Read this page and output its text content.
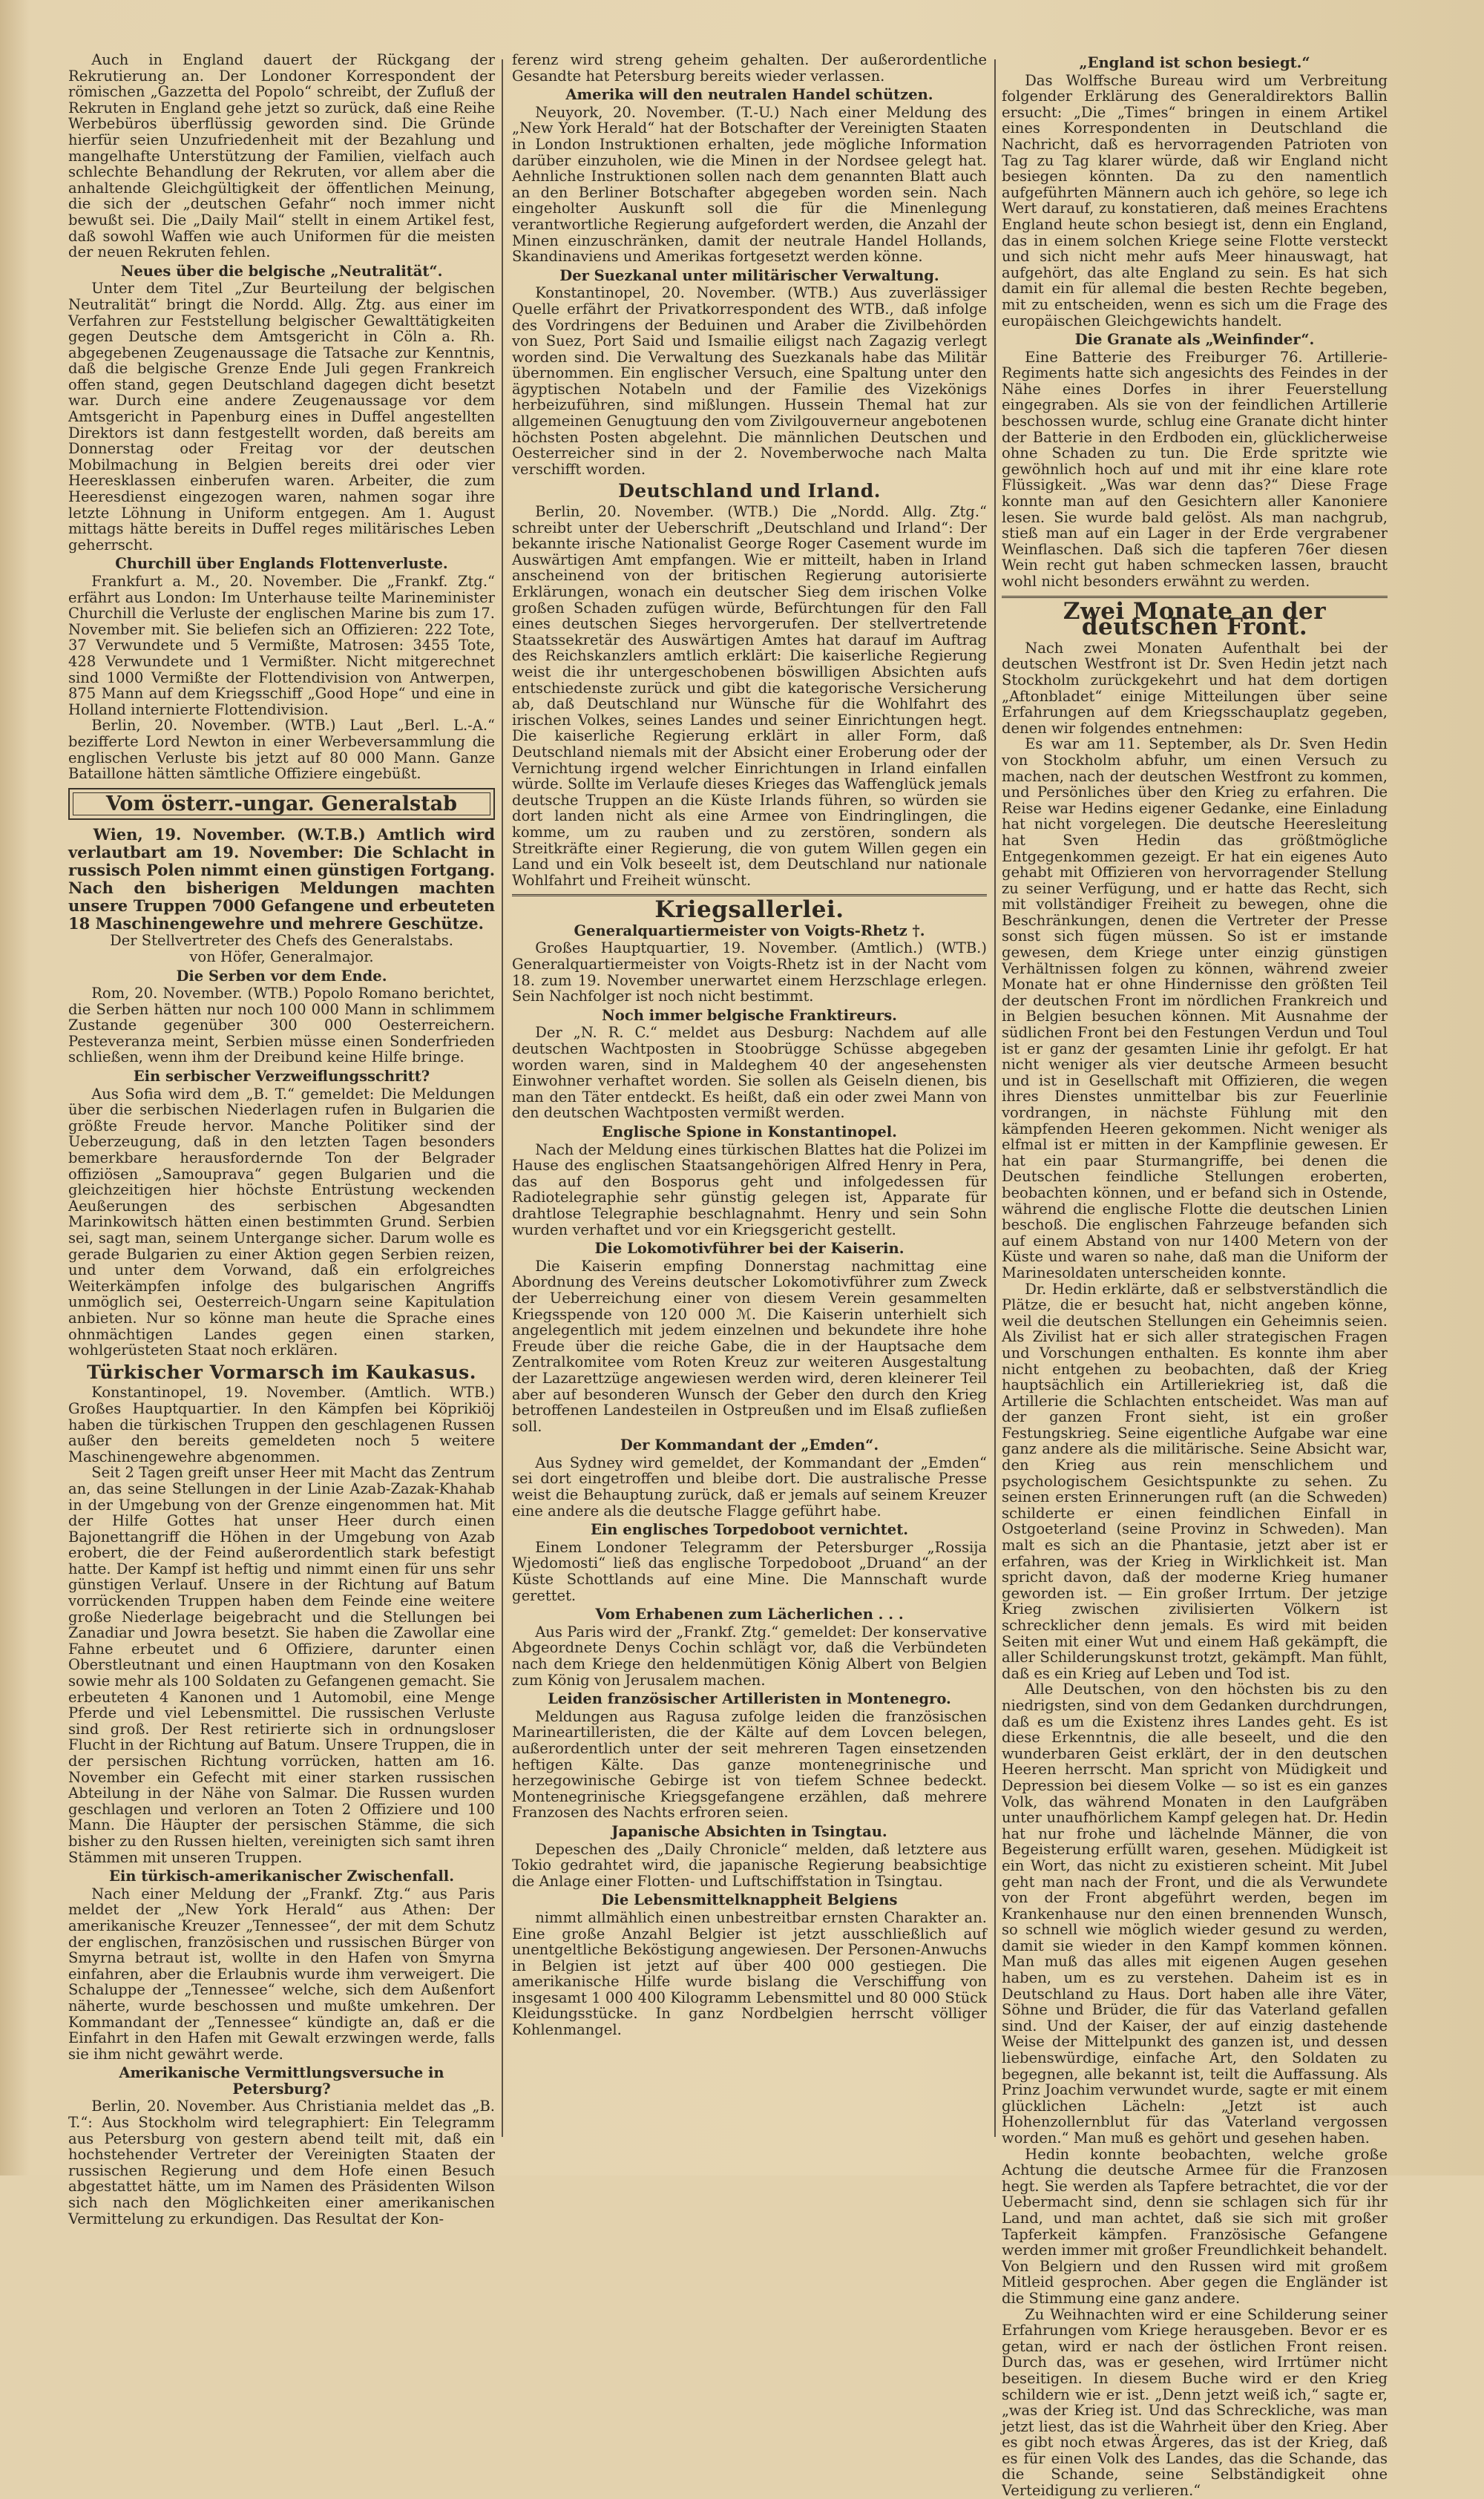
Auch in England dauert der Rückgang der Rekrutierung an. Der Londoner Korrespondent der römischen „Gazzetta del Popolo“ schreibt, der Zufluß der Rekruten in England gehe jetzt so zurück, daß eine Reihe Werbebüros überflüssig geworden sind. Die Gründe hierfür seien Unzufriedenheit mit der Bezahlung und mangelhafte Unterstützung der Familien, vielfach auch schlechte Behandlung der Rekruten, vor allem aber die anhaltende Gleichgültigkeit der öffentlichen Meinung, die sich der „deutschen Gefahr“ noch immer nicht bewußt sei. Die „Daily Mail“ stellt in einem Artikel fest, daß sowohl Waffen wie auch Uniformen für die meisten der neuen Rekruten fehlen.

Neues über die belgische „Neutralität“.

Unter dem Titel „Zur Beurteilung der belgischen Neutralität“ bringt die Nordd. Allg. Ztg. aus einer im Verfahren zur Feststellung belgischer Gewalttätigkeiten gegen Deutsche dem Amtsgericht in Cöln a. Rh. abgegebenen Zeugenaussage die Tatsache zur Kenntnis, daß die belgische Grenze Ende Juli gegen Frankreich offen stand, gegen Deutschland dagegen dicht besetzt war. Durch eine andere Zeugenaussage vor dem Amtsgericht in Papenburg eines in Duffel angestellten Direktors ist dann festgestellt worden, daß bereits am Donnerstag oder Freitag vor der deutschen Mobilmachung in Belgien bereits drei oder vier Heeresklassen einberufen waren. Arbeiter, die zum Heeresdienst eingezogen waren, nahmen sogar ihre letzte Löhnung in Uniform entgegen. Am 1. August mittags hätte bereits in Duffel reges militärisches Leben geherrscht.

Churchill über Englands Flottenverluste.

Frankfurt a. M., 20. November. Die „Frankf. Ztg.“ erfährt aus London: Im Unterhause teilte Marineminister Churchill die Verluste der englischen Marine bis zum 17. November mit. Sie beliefen sich an Offizieren: 222 Tote, 37 Verwundete und 5 Vermißte, Matrosen: 3455 Tote, 428 Verwundete und 1 Vermißter. Nicht mitgerechnet sind 1000 Vermißte der Flottendivision von Antwerpen, 875 Mann auf dem Kriegsschiff „Good Hope“ und eine in Holland internierte Flottendivision.

Berlin, 20. November. (WTB.) Laut „Berl. L.-A.“ bezifferte Lord Newton in einer Werbeversammlung die englischen Verluste bis jetzt auf 80 000 Mann. Ganze Bataillone hätten sämtliche Offiziere eingebüßt.

Vom österr.-ungar. Generalstab

Wien, 19. November. (W.T.B.) Amtlich wird verlautbart am 19. November: Die Schlacht in russisch Polen nimmt einen günstigen Fortgang. Nach den bisherigen Meldungen machten unsere Truppen 7000 Gefangene und erbeuteten 18 Maschinengewehre und mehrere Geschütze.

Der Stellvertreter des Chefs des Generalstabs.

von Höfer, Generalmajor.

Die Serben vor dem Ende.

Rom, 20. November. (WTB.) Popolo Romano berichtet, die Serben hätten nur noch 100 000 Mann in schlimmem Zustande gegenüber 300 000 Oesterreichern. Pesteveranza meint, Serbien müsse einen Sonderfrieden schließen, wenn ihm der Dreibund keine Hilfe bringe.

Ein serbischer Verzweiflungsschritt?

Aus Sofia wird dem „B. T.“ gemeldet: Die Meldungen über die serbischen Niederlagen rufen in Bulgarien die größte Freude hervor. Manche Politiker sind der Ueberzeugung, daß in den letzten Tagen besonders bemerkbare herausfordernde Ton der Belgrader offiziösen „Samouprava“ gegen Bulgarien und die gleichzeitigen hier höchste Entrüstung weckenden Aeußerungen des serbischen Abgesandten Marinkowitsch hätten einen bestimmten Grund. Serbien sei, sagt man, seinem Untergange sicher. Darum wolle es gerade Bulgarien zu einer Aktion gegen Serbien reizen, und unter dem Vorwand, daß ein erfolgreiches Weiterkämpfen infolge des bulgarischen Angriffs unmöglich sei, Oesterreich-Ungarn seine Kapitulation anbieten. Nur so könne man heute die Sprache eines ohnmächtigen Landes gegen einen starken, wohlgerüsteten Staat noch erklären.

Türkischer Vormarsch im Kaukasus.

Konstantinopel, 19. November. (Amtlich. WTB.) Großes Hauptquartier. In den Kämpfen bei Köprikiöj haben die türkischen Truppen den geschlagenen Russen außer den bereits gemeldeten noch 5 weitere Maschinengewehre abgenommen.

Seit 2 Tagen greift unser Heer mit Macht das Zentrum an, das seine Stellungen in der Linie Azab-Zazak-Khahab in der Umgebung von der Grenze eingenommen hat. Mit der Hilfe Gottes hat unser Heer durch einen Bajonettangriff die Höhen in der Umgebung von Azab erobert, die der Feind außerordentlich stark befestigt hatte. Der Kampf ist heftig und nimmt einen für uns sehr günstigen Verlauf. Unsere in der Richtung auf Batum vorrückenden Truppen haben dem Feinde eine weitere große Niederlage beigebracht und die Stellungen bei Zanadiar und Jowra besetzt. Sie haben die Zawollar eine Fahne erbeutet und 6 Offiziere, darunter einen Oberstleutnant und einen Hauptmann von den Kosaken sowie mehr als 100 Soldaten zu Gefangenen gemacht. Sie erbeuteten 4 Kanonen und 1 Automobil, eine Menge Pferde und viel Lebensmittel. Die russischen Verluste sind groß. Der Rest retirierte sich in ordnungsloser Flucht in der Richtung auf Batum. Unsere Truppen, die in der persischen Richtung vorrücken, hatten am 16. November ein Gefecht mit einer starken russischen Abteilung in der Nähe von Salmar. Die Russen wurden geschlagen und verloren an Toten 2 Offiziere und 100 Mann. Die Häupter der persischen Stämme, die sich bisher zu den Russen hielten, vereinigten sich samt ihren Stämmen mit unseren Truppen.

Ein türkisch-amerikanischer Zwischenfall.

Nach einer Meldung der „Frankf. Ztg.“ aus Paris meldet der „New York Herald“ aus Athen: Der amerikanische Kreuzer „Tennessee“, der mit dem Schutz der englischen, französischen und russischen Bürger von Smyrna betraut ist, wollte in den Hafen von Smyrna einfahren, aber die Erlaubnis wurde ihm verweigert. Die Schaluppe der „Tennessee“ welche, sich dem Außenfort näherte, wurde beschossen und mußte umkehren. Der Kommandant der „Tennessee“ kündigte an, daß er die Einfahrt in den Hafen mit Gewalt erzwingen werde, falls sie ihm nicht gewährt werde.

Amerikanische Vermittlungsversuche in Petersburg?

Berlin, 20. November. Aus Christiania meldet das „B. T.“: Aus Stockholm wird telegraphiert: Ein Telegramm aus Petersburg von gestern abend teilt mit, daß ein hochstehender Vertreter der Vereinigten Staaten der russischen Regierung und dem Hofe einen Besuch abgestattet hätte, um im Namen des Präsidenten Wilson sich nach den Möglichkeiten einer amerikanischen Vermittelung zu erkundigen. Das Resultat der Kon-

ferenz wird streng geheim gehalten. Der außerordentliche Gesandte hat Petersburg bereits wieder verlassen.

Amerika will den neutralen Handel schützen.

Neuyork, 20. November. (T.-U.) Nach einer Meldung des „New York Herald“ hat der Botschafter der Vereinigten Staaten in London Instruktionen erhalten, jede mögliche Information darüber einzuholen, wie die Minen in der Nordsee gelegt hat. Aehnliche Instruktionen sollen nach dem genannten Blatt auch an den Berliner Botschafter abgegeben worden sein. Nach eingeholter Auskunft soll die für die Minenlegung verantwortliche Regierung aufgefordert werden, die Anzahl der Minen einzuschränken, damit der neutrale Handel Hollands, Skandinaviens und Amerikas fortgesetzt werden könne.

Der Suezkanal unter militärischer Verwaltung.

Konstantinopel, 20. November. (WTB.) Aus zuverlässiger Quelle erfährt der Privatkorrespondent des WTB., daß infolge des Vordringens der Beduinen und Araber die Zivilbehörden von Suez, Port Said und Ismailie eiligst nach Zagazig verlegt worden sind. Die Verwaltung des Suezkanals habe das Militär übernommen. Ein englischer Versuch, eine Spaltung unter den ägyptischen Notabeln und der Familie des Vizekönigs herbeizuführen, sind mißlungen. Hussein Themal hat zur allgemeinen Genugtuung den vom Zivilgouverneur angebotenen höchsten Posten abgelehnt. Die männlichen Deutschen und Oesterreicher sind in der 2. Novemberwoche nach Malta verschifft worden.

Deutschland und Irland.

Berlin, 20. November. (WTB.) Die „Nordd. Allg. Ztg.“ schreibt unter der Ueberschrift „Deutschland und Irland“: Der bekannte irische Nationalist George Roger Casement wurde im Auswärtigen Amt empfangen. Wie er mitteilt, haben in Irland anscheinend von der britischen Regierung autorisierte Erklärungen, wonach ein deutscher Sieg dem irischen Volke großen Schaden zufügen würde, Befürchtungen für den Fall eines deutschen Sieges hervorgerufen. Der stellvertretende Staatssekretär des Auswärtigen Amtes hat darauf im Auftrag des Reichskanzlers amtlich erklärt: Die kaiserliche Regierung weist die ihr untergeschobenen böswilligen Absichten aufs entschiedenste zurück und gibt die kategorische Versicherung ab, daß Deutschland nur Wünsche für die Wohlfahrt des irischen Volkes, seines Landes und seiner Einrichtungen hegt. Die kaiserliche Regierung erklärt in aller Form, daß Deutschland niemals mit der Absicht einer Eroberung oder der Vernichtung irgend welcher Einrichtungen in Irland einfallen würde. Sollte im Verlaufe dieses Krieges das Waffenglück jemals deutsche Truppen an die Küste Irlands führen, so würden sie dort landen nicht als eine Armee von Eindringlingen, die komme, um zu rauben und zu zerstören, sondern als Streitkräfte einer Regierung, die von gutem Willen gegen ein Land und ein Volk beseelt ist, dem Deutschland nur nationale Wohlfahrt und Freiheit wünscht.

Kriegsallerlei.
Generalquartiermeister von Voigts-Rhetz †.

Großes Hauptquartier, 19. November. (Amtlich.) (WTB.) Generalquartiermeister von Voigts-Rhetz ist in der Nacht vom 18. zum 19. November unerwartet einem Herzschlage erlegen. Sein Nachfolger ist noch nicht bestimmt.

Noch immer belgische Franktireurs.

Der „N. R. C.“ meldet aus Desburg: Nachdem auf alle deutschen Wachtposten in Stoobrügge Schüsse abgegeben worden waren, sind in Maldeghem 40 der angesehensten Einwohner verhaftet worden. Sie sollen als Geiseln dienen, bis man den Täter entdeckt. Es heißt, daß ein oder zwei Mann von den deutschen Wachtposten vermißt werden.

Englische Spione in Konstantinopel.

Nach der Meldung eines türkischen Blattes hat die Polizei im Hause des englischen Staatsangehörigen Alfred Henry in Pera, das auf den Bosporus geht und infolgedessen für Radiotelegraphie sehr günstig gelegen ist, Apparate für drahtlose Telegraphie beschlagnahmt. Henry und sein Sohn wurden verhaftet und vor ein Kriegsgericht gestellt.

Die Lokomotivführer bei der Kaiserin.

Die Kaiserin empfing Donnerstag nachmittag eine Abordnung des Vereins deutscher Lokomotivführer zum Zweck der Ueberreichung einer von diesem Verein gesammelten Kriegsspende von 120 000 ℳ. Die Kaiserin unterhielt sich angelegentlich mit jedem einzelnen und bekundete ihre hohe Freude über die reiche Gabe, die in der Hauptsache dem Zentralkomitee vom Roten Kreuz zur weiteren Ausgestaltung der Lazarettzüge angewiesen werden wird, deren kleinerer Teil aber auf besonderen Wunsch der Geber den durch den Krieg betroffenen Landesteilen in Ostpreußen und im Elsaß zufließen soll.

Der Kommandant der „Emden“.

Aus Sydney wird gemeldet, der Kommandant der „Emden“ sei dort eingetroffen und bleibe dort. Die australische Presse weist die Behauptung zurück, daß er jemals auf seinem Kreuzer eine andere als die deutsche Flagge geführt habe.

Ein englisches Torpedoboot vernichtet.

Einem Londoner Telegramm der Petersburger „Rossija Wjedomosti“ ließ das englische Torpedoboot „Druand“ an der Küste Schottlands auf eine Mine. Die Mannschaft wurde gerettet.

Vom Erhabenen zum Lächerlichen . . .

Aus Paris wird der „Frankf. Ztg.“ gemeldet: Der konservative Abgeordnete Denys Cochin schlägt vor, daß die Verbündeten nach dem Kriege den heldenmütigen König Albert von Belgien zum König von Jerusalem machen.

Leiden französischer Artilleristen in Montenegro.

Meldungen aus Ragusa zufolge leiden die französischen Marineartilleristen, die der Kälte auf dem Lovcen belegen, außerordentlich unter der seit mehreren Tagen einsetzenden heftigen Kälte. Das ganze montenegrinische und herzegowinische Gebirge ist von tiefem Schnee bedeckt. Montenegrinische Kriegsgefangene erzählen, daß mehrere Franzosen des Nachts erfroren seien.

Japanische Absichten in Tsingtau.

Depeschen des „Daily Chronicle“ melden, daß letztere aus Tokio gedrahtet wird, die japanische Regierung beabsichtige die Anlage einer Flotten- und Luftschiffstation in Tsingtau.

Die Lebensmittelknappheit Belgiens

nimmt allmählich einen unbestreitbar ernsten Charakter an. Eine große Anzahl Belgier ist jetzt ausschließlich auf unentgeltliche Beköstigung angewiesen. Der Personen-Anwuchs in Belgien ist jetzt auf über 400 000 gestiegen. Die amerikanische Hilfe wurde bislang die Verschiffung von insgesamt 1 000 400 Kilogramm Lebensmittel und 80 000 Stück Kleidungsstücke. In ganz Nordbelgien herrscht völliger Kohlenmangel.

„England ist schon besiegt.“

Das Wolffsche Bureau wird um Verbreitung folgender Erklärung des Generaldirektors Ballin ersucht: „Die „Times“ bringen in einem Artikel eines Korrespondenten in Deutschland die Nachricht, daß es hervorragenden Patrioten von Tag zu Tag klarer würde, daß wir England nicht besiegen könnten. Da zu den namentlich aufgeführten Männern auch ich gehöre, so lege ich Wert darauf, zu konstatieren, daß meines Erachtens England heute schon besiegt ist, denn ein England, das in einem solchen Kriege seine Flotte versteckt und sich nicht mehr aufs Meer hinauswagt, hat aufgehört, das alte England zu sein. Es hat sich damit ein für allemal die besten Rechte begeben, mit zu entscheiden, wenn es sich um die Frage des europäischen Gleichgewichts handelt.

Die Granate als „Weinfinder“.

Eine Batterie des Freiburger 76. Artillerie-Regiments hatte sich angesichts des Feindes in der Nähe eines Dorfes in ihrer Feuerstellung eingegraben. Als sie von der feindlichen Artillerie beschossen wurde, schlug eine Granate dicht hinter der Batterie in den Erdboden ein, glücklicherweise ohne Schaden zu tun. Die Erde spritzte wie gewöhnlich hoch auf und mit ihr eine klare rote Flüssigkeit. „Was war denn das?“ Diese Frage konnte man auf den Gesichtern aller Kanoniere lesen. Sie wurde bald gelöst. Als man nachgrub, stieß man auf ein Lager in der Erde vergrabener Weinflaschen. Daß sich die tapferen 76er diesen Wein recht gut haben schmecken lassen, braucht wohl nicht besonders erwähnt zu werden.

Zwei Monate an der deutschen Front.

Nach zwei Monaten Aufenthalt bei der deutschen Westfront ist Dr. Sven Hedin jetzt nach Stockholm zurückgekehrt und hat dem dortigen „Aftonbladet“ einige Mitteilungen über seine Erfahrungen auf dem Kriegsschauplatz gegeben, denen wir folgendes entnehmen:

Es war am 11. September, als Dr. Sven Hedin von Stockholm abfuhr, um einen Versuch zu machen, nach der deutschen Westfront zu kommen, und Persönliches über den Krieg zu erfahren. Die Reise war Hedins eigener Gedanke, eine Einladung hat nicht vorgelegen. Die deutsche Heeresleitung hat Sven Hedin das größtmögliche Entgegenkommen gezeigt. Er hat ein eigenes Auto gehabt mit Offizieren von hervorragender Stellung zu seiner Verfügung, und er hatte das Recht, sich mit vollständiger Freiheit zu bewegen, ohne die Beschränkungen, denen die Vertreter der Presse sonst sich fügen müssen. So ist er imstande gewesen, dem Kriege unter einzig günstigen Verhältnissen folgen zu können, während zweier Monate hat er ohne Hindernisse den größten Teil der deutschen Front im nördlichen Frankreich und in Belgien besuchen können. Mit Ausnahme der südlichen Front bei den Festungen Verdun und Toul ist er ganz der gesamten Linie ihr gefolgt. Er hat nicht weniger als vier deutsche Armeen besucht und ist in Gesellschaft mit Offizieren, die wegen ihres Dienstes unmittelbar bis zur Feuerlinie vordrangen, in nächste Fühlung mit den kämpfenden Heeren gekommen. Nicht weniger als elfmal ist er mitten in der Kampflinie gewesen. Er hat ein paar Sturmangriffe, bei denen die Deutschen feindliche Stellungen eroberten, beobachten können, und er befand sich in Ostende, während die englische Flotte die deutschen Linien beschoß. Die englischen Fahrzeuge befanden sich auf einem Abstand von nur 1400 Metern von der Küste und waren so nahe, daß man die Uniform der Marinesoldaten unterscheiden konnte.

Dr. Hedin erklärte, daß er selbstverständlich die Plätze, die er besucht hat, nicht angeben könne, weil die deutschen Stellungen ein Geheimnis seien. Als Zivilist hat er sich aller strategischen Fragen und Vorschungen enthalten. Es konnte ihm aber nicht entgehen zu beobachten, daß der Krieg hauptsächlich ein Artilleriekrieg ist, daß die Artillerie die Schlachten entscheidet. Was man auf der ganzen Front sieht, ist ein großer Festungskrieg. Seine eigentliche Aufgabe war eine ganz andere als die militärische. Seine Absicht war, den Krieg aus rein menschlichem und psychologischem Gesichtspunkte zu sehen. Zu seinen ersten Erinnerungen ruft (an die Schweden) schilderte er einen feindlichen Einfall in Ostgoeterland (seine Provinz in Schweden). Man malt es sich an die Phantasie, jetzt aber ist er erfahren, was der Krieg in Wirklichkeit ist. Man spricht davon, daß der moderne Krieg humaner geworden ist. — Ein großer Irrtum. Der jetzige Krieg zwischen zivilisierten Völkern ist schrecklicher denn jemals. Es wird mit beiden Seiten mit einer Wut und einem Haß gekämpft, die aller Schilderungskunst trotzt, gekämpft. Man fühlt, daß es ein Krieg auf Leben und Tod ist.

Alle Deutschen, von den höchsten bis zu den niedrigsten, sind von dem Gedanken durchdrungen, daß es um die Existenz ihres Landes geht. Es ist diese Erkenntnis, die alle beseelt, und die den wunderbaren Geist erklärt, der in den deutschen Heeren herrscht. Man spricht von Müdigkeit und Depression bei diesem Volke — so ist es ein ganzes Volk, das während Monaten in den Laufgräben unter unaufhörlichem Kampf gelegen hat. Dr. Hedin hat nur frohe und lächelnde Männer, die von Begeisterung erfüllt waren, gesehen. Müdigkeit ist ein Wort, das nicht zu existieren scheint. Mit Jubel geht man nach der Front, und die als Verwundete von der Front abgeführt werden, begen im Krankenhause nur den einen brennenden Wunsch, so schnell wie möglich wieder gesund zu werden, damit sie wieder in den Kampf kommen können. Man muß das alles mit eigenen Augen gesehen haben, um es zu verstehen. Daheim ist es in Deutschland zu Haus. Dort haben alle ihre Väter, Söhne und Brüder, die für das Vaterland gefallen sind. Und der Kaiser, der auf einzig dastehende Weise der Mittelpunkt des ganzen ist, und dessen liebenswürdige, einfache Art, den Soldaten zu begegnen, alle bekannt ist, teilt die Auffassung. Als Prinz Joachim verwundet wurde, sagte er mit einem glücklichen Lächeln: „Jetzt ist auch Hohenzollernblut für das Vaterland vergossen worden.“ Man muß es gehört und gesehen haben.

Hedin konnte beobachten, welche große Achtung die deutsche Armee für die Franzosen hegt. Sie werden als Tapfere betrachtet, die vor der Uebermacht sind, denn sie schlagen sich für ihr Land, und man achtet, daß sie sich mit großer Tapferkeit kämpfen. Französische Gefangene werden immer mit großer Freundlichkeit behandelt. Von Belgiern und den Russen wird mit großem Mitleid gesprochen. Aber gegen die Engländer ist die Stimmung eine ganz andere.

Zu Weihnachten wird er eine Schilderung seiner Erfahrungen vom Kriege herausgeben. Bevor er es getan, wird er nach der östlichen Front reisen. Durch das, was er gesehen, wird Irrtümer nicht beseitigen. In diesem Buche wird er den Krieg schildern wie er ist. „Denn jetzt weiß ich,“ sagte er, „was der Krieg ist. Und das Schreckliche, was man jetzt liest, das ist die Wahrheit über den Krieg. Aber es gibt noch etwas Ärgeres, das ist der Krieg, daß es für einen Volk des Landes, das die Schande, das die Schande, seine Selbständigkeit ohne Verteidigung zu verlieren.“
